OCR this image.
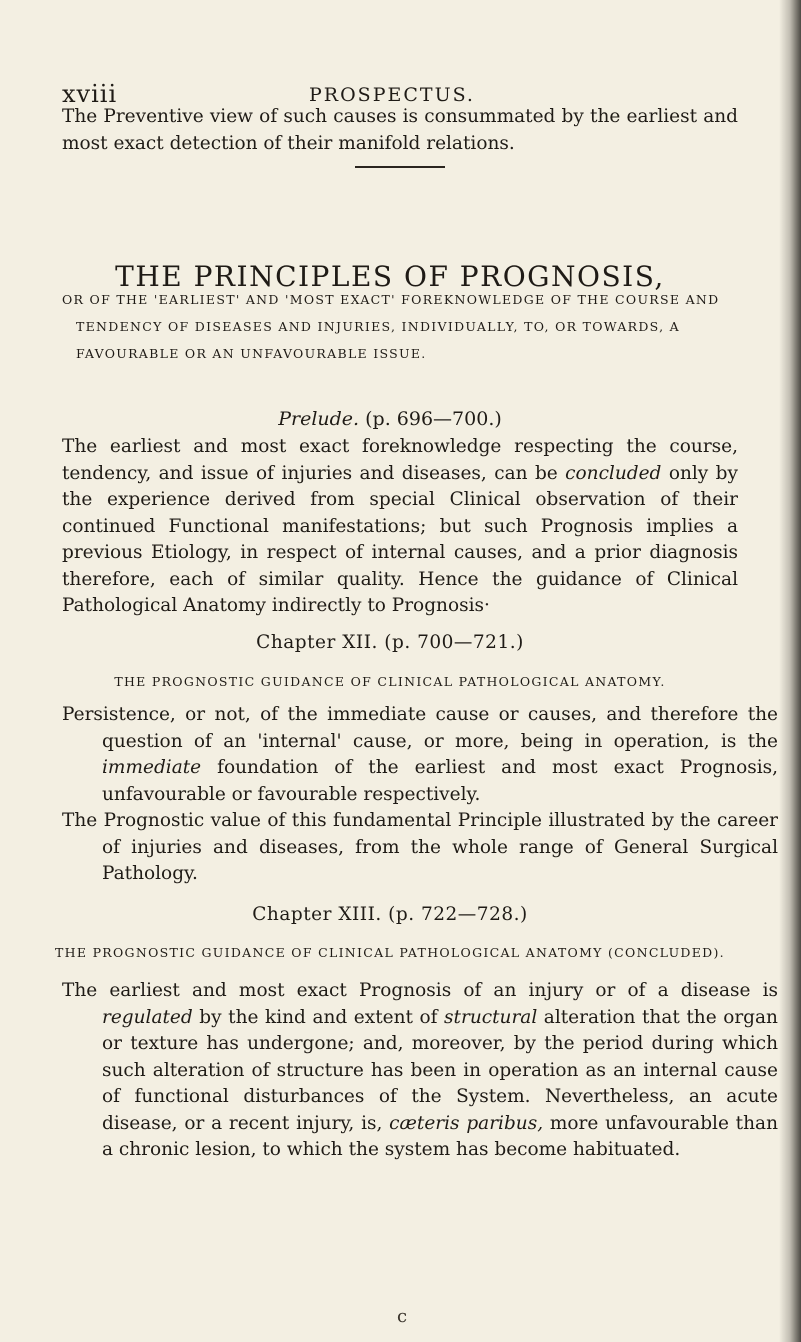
xviii	PROSPECTUS.

The Preventive view of such causes is consummated by the earliest and most exact detection of their manifold relations.

THE PRINCIPLES OF PROGNOSIS,
OR OF THE 'EARLIEST' AND 'MOST EXACT' FOREKNOWLEDGE OF THE COURSE AND
TENDENCY OF DISEASES AND INJURIES, INDIVIDUALLY, TO, OR TOWARDS, A
FAVOURABLE OR AN UNFAVOURABLE ISSUE.
Prelude. (p. 696—700.)

The earliest and most exact foreknowledge respecting the course, tendency, and issue of injuries and diseases, can be concluded only by the experience derived from special Clinical observation of their continued Functional manifestations; but such Prognosis implies a previous Etiology, in respect of internal causes, and a prior diagnosis therefore, each of similar quality. Hence the guidance of Clinical Pathological Anatomy indirectly to Prognosis·

Chapter XII. (p. 700—721.)
THE PROGNOSTIC GUIDANCE OF CLINICAL PATHOLOGICAL ANATOMY.

Persistence, or not, of the immediate cause or causes, and therefore the question of an 'internal' cause, or more, being in operation, is the immediate foundation of the earliest and most exact Prognosis, unfavourable or favourable respectively.

The Prognostic value of this fundamental Principle illustrated by the career of injuries and diseases, from the whole range of General Surgical Pathology.

Chapter XIII. (p. 722—728.)
THE PROGNOSTIC GUIDANCE OF CLINICAL PATHOLOGICAL ANATOMY (CONCLUDED).

The earliest and most exact Prognosis of an injury or of a disease is regulated by the kind and extent of structural alteration that the organ or texture has undergone; and, moreover, by the period during which such alteration of structure has been in operation as an internal cause of functional disturbances of the System. Nevertheless, an acute disease, or a recent injury, is, cæteris paribus, more unfavourable than a chronic lesion, to which the system has become habituated.

c
